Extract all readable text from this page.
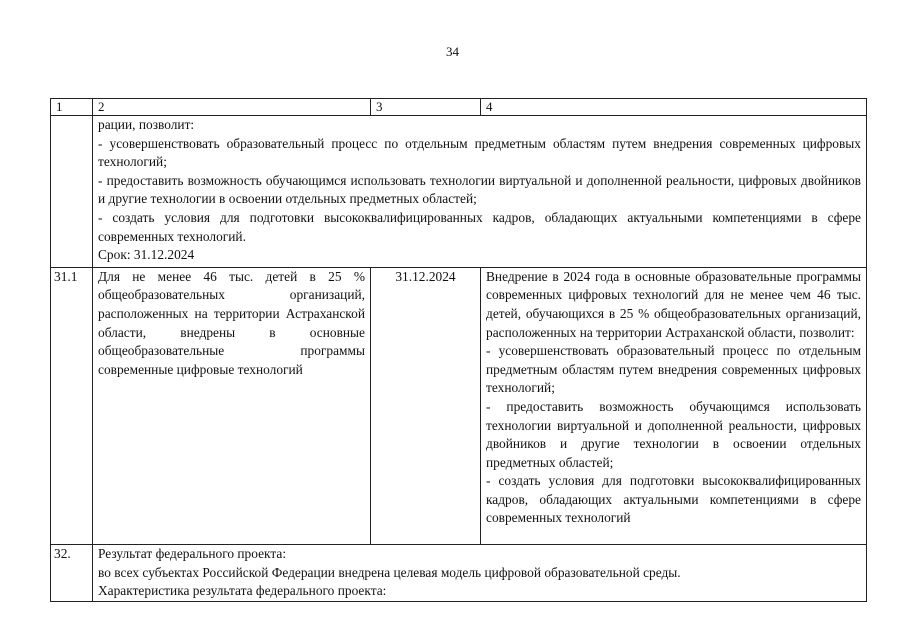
34
1	2	3	4

	рации, позволит:
- усовершенствовать образовательный процесс по отдельным предметным областям путем внедрения современных цифровых технологий;
- предоставить возможность обучающимся использовать технологии виртуальной и дополненной реальности, цифровых двойников и другие технологии в освоении отдельных предметных областей;
- создать условия для подготовки высококвалифицированных кадров, обладающих актуальными компетенциями в сфере современных технологий.
Срок: 31.12.2024		

31.1	Для не менее 46 тыс. детей в 25 % общеобразовательных организаций, расположенных на территории Астраханской области, внедрены в основные общеобразовательные программы современные цифровые технологий	31.12.2024	Внедрение в 2024 года в основные образовательные программы современных цифровых технологий для не менее чем 46 тыс. детей, обучающихся в 25 % общеобразовательных организаций, расположенных на территории Астраханской области, позволит:
- усовершенствовать образовательный процесс по отдельным предметным областям путем внедрения современных цифровых технологий;
- предоставить возможность обучающимся использовать технологии виртуальной и дополненной реальности, цифровых двойников и другие технологии в освоении отдельных предметных областей;
- создать условия для подготовки высококвалифицированных кадров, обладающих актуальными компетенциями в сфере современных технологий

32.	Результат федерального проекта:
во всех субъектах Российской Федерации внедрена целевая модель цифровой образовательной среды.
Характеристика результата федерального проекта:		
